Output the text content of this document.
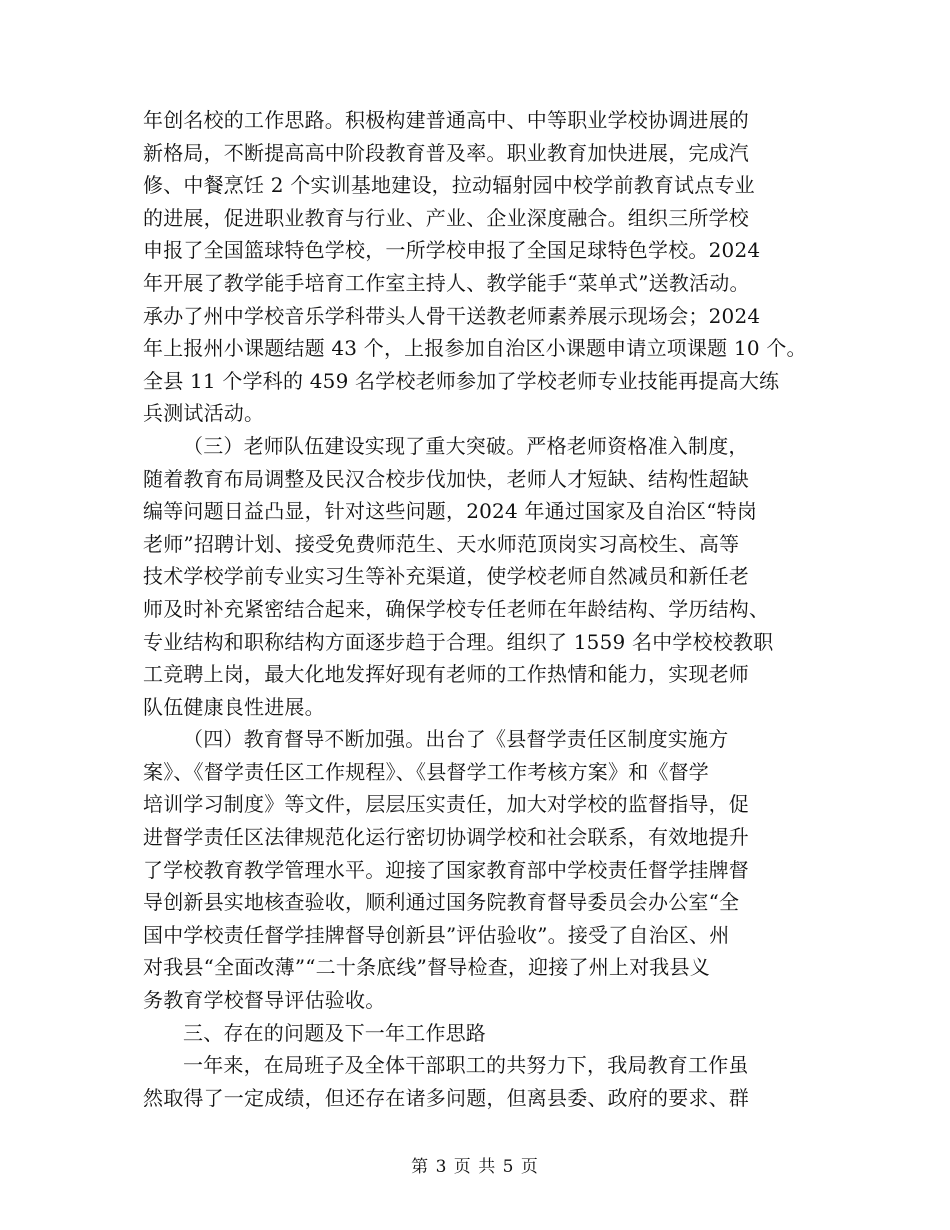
年创名校的工作思路。积极构建普通高中、中等职业学校协调进展的
新格局，不断提高高中阶段教育普及率。职业教育加快进展，完成汽
修、中餐烹饪 2 个实训基地建设，拉动辐射园中校学前教育试点专业
的进展，促进职业教育与行业、产业、企业深度融合。组织三所学校
申报了全国篮球特色学校，一所学校申报了全国足球特色学校。2024
年开展了教学能手培育工作室主持人、教学能手“菜单式”送教活动。
承办了州中学校音乐学科带头人骨干送教老师素养展示现场会；2024
年上报州小课题结题 43 个，上报参加自治区小课题申请立项课题 10 个。
全县 11 个学科的 459 名学校老师参加了学校老师专业技能再提高大练
兵测试活动。
（三）老师队伍建设实现了重大突破。严格老师资格准入制度，
随着教育布局调整及民汉合校步伐加快，老师人才短缺、结构性超缺
编等问题日益凸显，针对这些问题，2024 年通过国家及自治区“特岗
老师”招聘计划、接受免费师范生、天水师范顶岗实习高校生、高等
技术学校学前专业实习生等补充渠道，使学校老师自然减员和新任老
师及时补充紧密结合起来，确保学校专任老师在年龄结构、学历结构、
专业结构和职称结构方面逐步趋于合理。组织了 1559 名中学校校教职
工竞聘上岗，最大化地发挥好现有老师的工作热情和能力，实现老师
队伍健康良性进展。
（四）教育督导不断加强。出台了《县督学责任区制度实施方
案》、《督学责任区工作规程》、《县督学工作考核方案》和《督学
培训学习制度》等文件，层层压实责任，加大对学校的监督指导，促
进督学责任区法律规范化运行密切协调学校和社会联系，有效地提升
了学校教育教学管理水平。迎接了国家教育部中学校责任督学挂牌督
导创新县实地核查验收，顺利通过国务院教育督导委员会办公室“全
国中学校责任督学挂牌督导创新县”评估验收”。接受了自治区、州
对我县“全面改薄”“二十条底线”督导检查，迎接了州上对我县义
务教育学校督导评估验收。
三、存在的问题及下一年工作思路
一年来，在局班子及全体干部职工的共努力下，我局教育工作虽
然取得了一定成绩，但还存在诸多问题，但离县委、政府的要求、群
第 3 页 共 5 页
